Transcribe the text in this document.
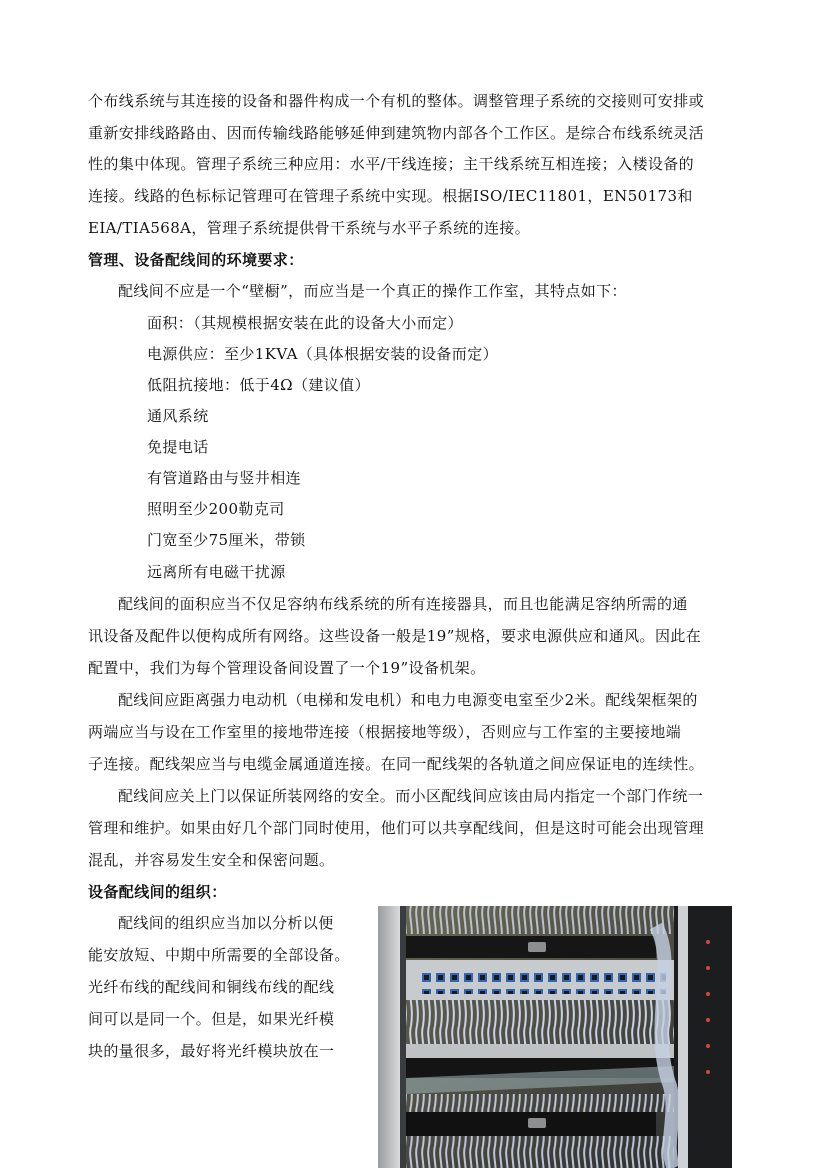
个布线系统与其连接的设备和器件构成一个有机的整体。调整管理子系统的交接则可安排或
重新安排线路路由、因而传输线路能够延伸到建筑物内部各个工作区。是综合布线系统灵活
性的集中体现。管理子系统三种应用：水平/干线连接；主干线系统互相连接；入楼设备的
连接。线路的色标标记管理可在管理子系统中实现。根据ISO/IEC11801，EN50173和
EIA/TIA568A，管理子系统提供骨干系统与水平子系统的连接。
管理、设备配线间的环境要求：
配线间不应是一个“壁橱”，而应当是一个真正的操作工作室，其特点如下：
面积：（其规模根据安装在此的设备大小而定）
电源供应：至少1KVA（具体根据安装的设备而定）
低阻抗接地：低于4Ω（建议值）
通风系统
免提电话
有管道路由与竖井相连
照明至少200勒克司
门宽至少75厘米，带锁
远离所有电磁干扰源
配线间的面积应当不仅足容纳布线系统的所有连接器具，而且也能满足容纳所需的通
讯设备及配件以便构成所有网络。这些设备一般是19”规格，要求电源供应和通风。因此在
配置中，我们为每个管理设备间设置了一个19”设备机架。
配线间应距离强力电动机（电梯和发电机）和电力电源变电室至少2米。配线架框架的
两端应当与设在工作室里的接地带连接（根据接地等级），否则应与工作室的主要接地端
子连接。配线架应当与电缆金属通道连接。在同一配线架的各轨道之间应保证电的连续性。
配线间应关上门以保证所装网络的安全。而小区配线间应该由局内指定一个部门作统一
管理和维护。如果由好几个部门同时使用，他们可以共享配线间，但是这时可能会出现管理
混乱，并容易发生安全和保密问题。
设备配线间的组织：
配线间的组织应当加以分析以便
能安放短、中期中所需要的全部设备。
光纤布线的配线间和铜线布线的配线
间可以是同一个。但是，如果光纤模
块的量很多，最好将光纤模块放在一
